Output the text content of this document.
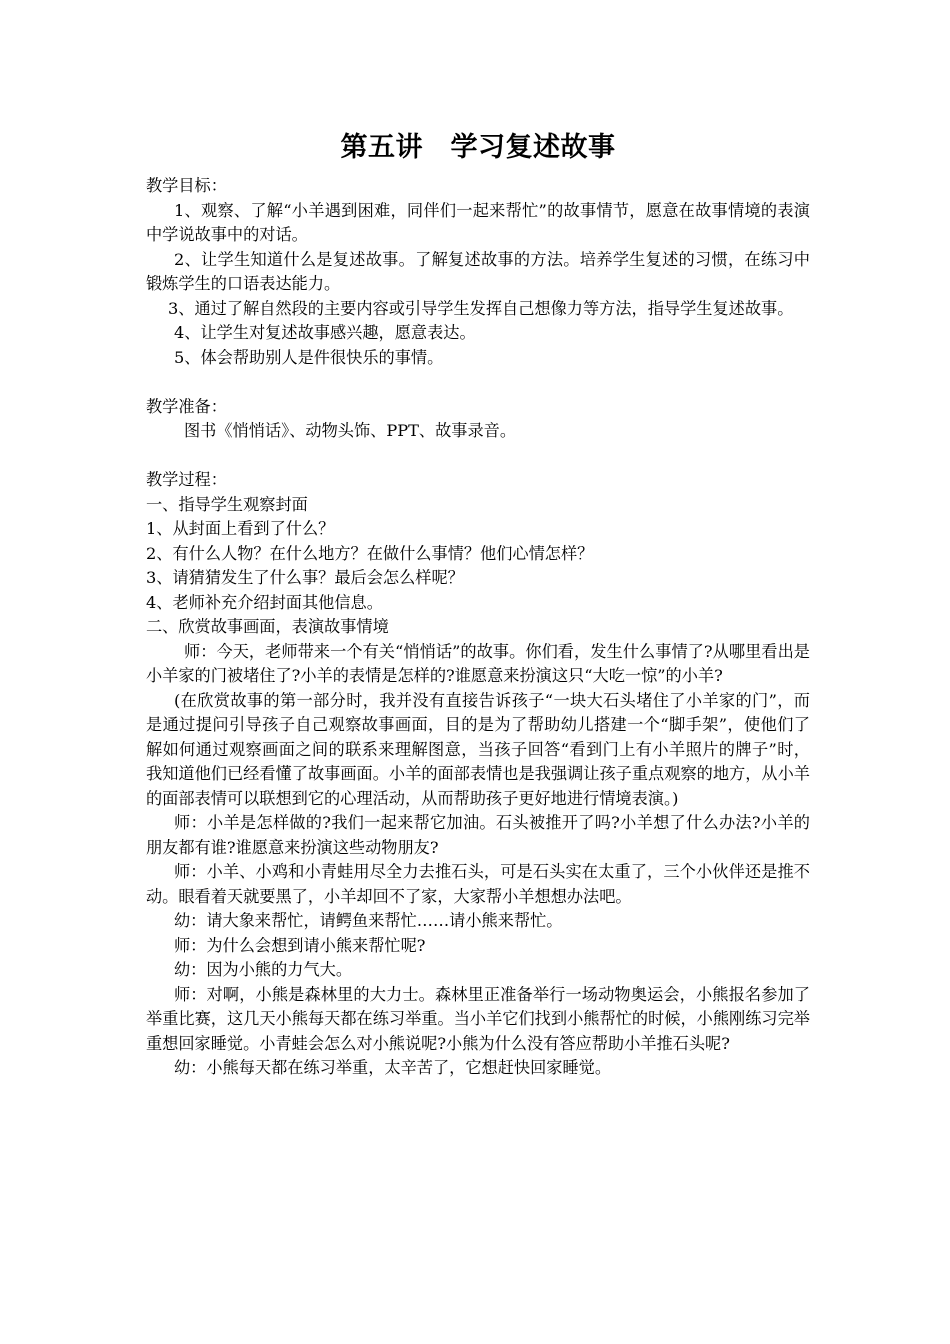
第五讲　学习复述故事

教学目标：

1、观察、了解“小羊遇到困难，同伴们一起来帮忙”的故事情节，愿意在故事情境的表演中学说故事中的对话。

2、让学生知道什么是复述故事。了解复述故事的方法。培养学生复述的习惯，在练习中锻炼学生的口语表达能力。

3、通过了解自然段的主要内容或引导学生发挥自己想像力等方法，指导学生复述故事。

4、让学生对复述故事感兴趣，愿意表达。

5、体会帮助别人是件很快乐的事情。

教学准备：

图书《悄悄话》、动物头饰、PPT、故事录音。

教学过程：

一、指导学生观察封面

1、从封面上看到了什么？

2、有什么人物？在什么地方？在做什么事情？他们心情怎样？

3、请猜猜发生了什么事？最后会怎么样呢？

4、老师补充介绍封面其他信息。

二、欣赏故事画面，表演故事情境

师：今天，老师带来一个有关“悄悄话”的故事。你们看，发生什么事情了?从哪里看出是小羊家的门被堵住了?小羊的表情是怎样的?谁愿意来扮演这只“大吃一惊”的小羊?

(在欣赏故事的第一部分时，我并没有直接告诉孩子“一块大石头堵住了小羊家的门”，而是通过提问引导孩子自己观察故事画面，目的是为了帮助幼儿搭建一个“脚手架”，使他们了解如何通过观察画面之间的联系来理解图意，当孩子回答“看到门上有小羊照片的牌子”时，我知道他们已经看懂了故事画面。小羊的面部表情也是我强调让孩子重点观察的地方，从小羊的面部表情可以联想到它的心理活动，从而帮助孩子更好地进行情境表演。)

师：小羊是怎样做的?我们一起来帮它加油。石头被推开了吗?小羊想了什么办法?小羊的朋友都有谁?谁愿意来扮演这些动物朋友?

师：小羊、小鸡和小青蛙用尽全力去推石头，可是石头实在太重了，三个小伙伴还是推不动。眼看着天就要黑了，小羊却回不了家，大家帮小羊想想办法吧。

幼：请大象来帮忙，请鳄鱼来帮忙……请小熊来帮忙。

师：为什么会想到请小熊来帮忙呢?

幼：因为小熊的力气大。

师：对啊，小熊是森林里的大力士。森林里正准备举行一场动物奥运会，小熊报名参加了举重比赛，这几天小熊每天都在练习举重。当小羊它们找到小熊帮忙的时候，小熊刚练习完举重想回家睡觉。小青蛙会怎么对小熊说呢?小熊为什么没有答应帮助小羊推石头呢?

幼：小熊每天都在练习举重，太辛苦了，它想赶快回家睡觉。
